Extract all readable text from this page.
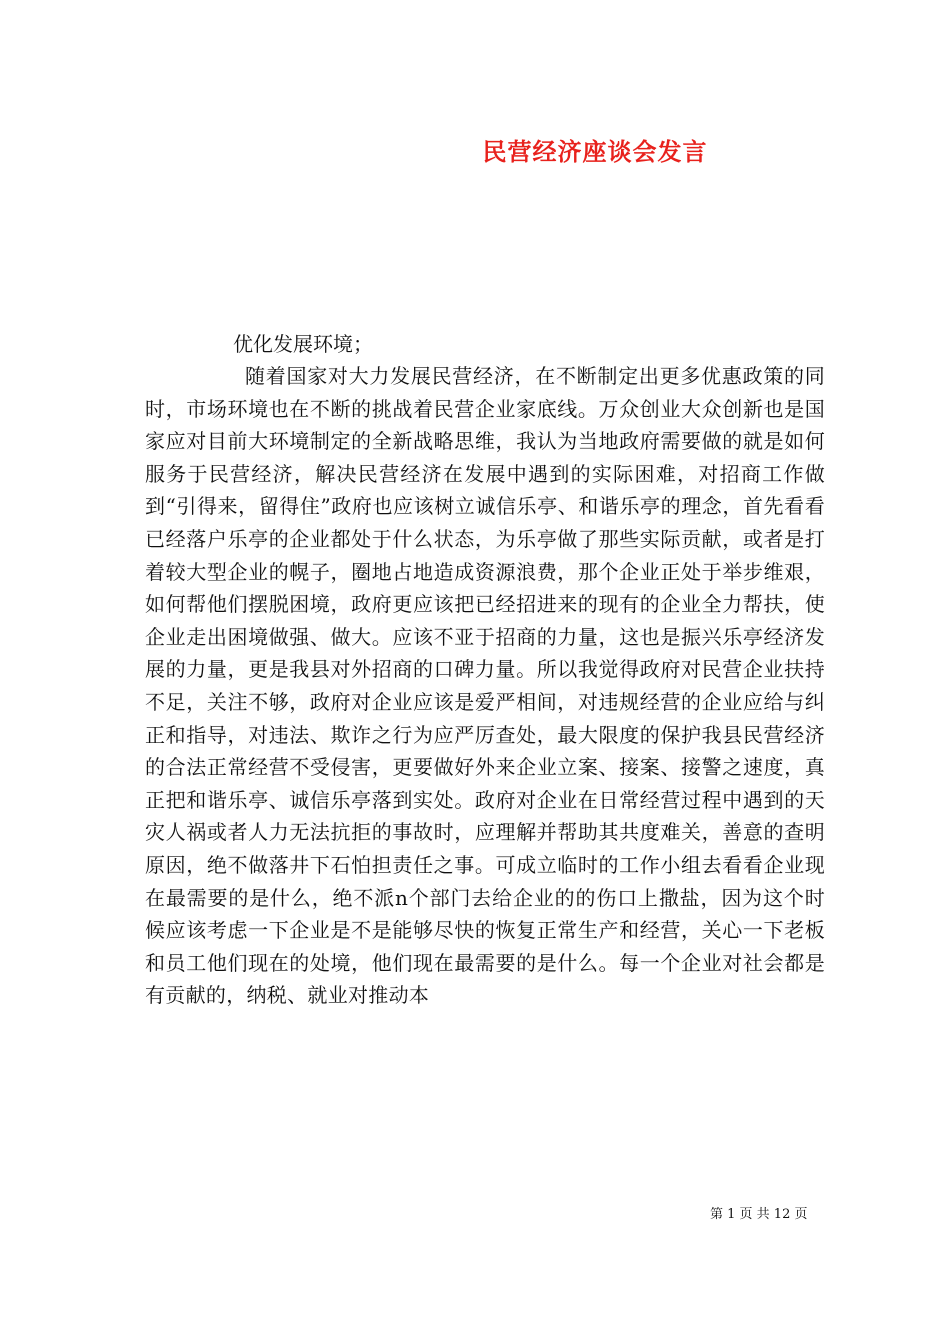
民营经济座谈会发言

优化发展环境；

随着国家对大力发展民营经济，在不断制定出更多优惠政策的同时，市场环境也在不断的挑战着民营企业家底线。万众创业大众创新也是国家应对目前大环境制定的全新战略思维，我认为当地政府需要做的就是如何服务于民营经济，解决民营经济在发展中遇到的实际困难，对招商工作做到“引得来，留得住”政府也应该树立诚信乐亭、和谐乐亭的理念，首先看看已经落户乐亭的企业都处于什么状态，为乐亭做了那些实际贡献，或者是打着较大型企业的幌子，圈地占地造成资源浪费，那个企业正处于举步维艰，如何帮他们摆脱困境，政府更应该把已经招进来的现有的企业全力帮扶，使企业走出困境做强、做大。应该不亚于招商的力量，这也是振兴乐亭经济发展的力量，更是我县对外招商的口碑力量。所以我觉得政府对民营企业扶持不足，关注不够，政府对企业应该是爱严相间，对违规经营的企业应给与纠正和指导，对违法、欺诈之行为应严厉查处，最大限度的保护我县民营经济的合法正常经营不受侵害，更要做好外来企业立案、接案、接警之速度，真正把和谐乐亭、诚信乐亭落到实处。政府对企业在日常经营过程中遇到的天灾人祸或者人力无法抗拒的事故时，应理解并帮助其共度难关，善意的查明原因，绝不做落井下石怕担责任之事。可成立临时的工作小组去看看企业现在最需要的是什么，绝不派n个部门去给企业的的伤口上撒盐，因为这个时候应该考虑一下企业是不是能够尽快的恢复正常生产和经营，关心一下老板和员工他们现在的处境，他们现在最需要的是什么。每一个企业对社会都是有贡献的，纳税、就业对推动本

第 1 页 共 12 页
